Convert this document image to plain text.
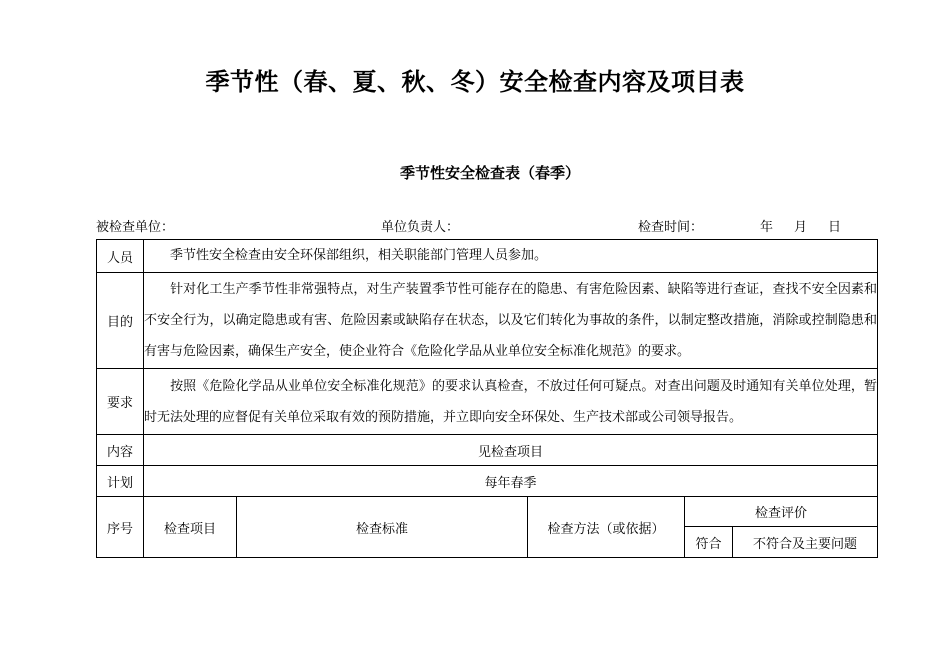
季节性（春、夏、秋、冬）安全检查内容及项目表
季节性安全检查表（春季）
被检查单位：	单位负责人：	检查时间：	年 月 日
人员	季节性安全检查由安全环保部组织，相关职能部门管理人员参加。				
目的	针对化工生产季节性非常强特点，对生产装置季节性可能存在的隐患、有害危险因素、缺陷等进行查证，查找不安全因素和不安全行为，以确定隐患或有害、危险因素或缺陷存在状态，以及它们转化为事故的条件，以制定整改措施，消除或控制隐患和有害与危险因素，确保生产安全，使企业符合《危险化学品从业单位安全标准化规范》的要求。				
要求	按照《危险化学品从业单位安全标准化规范》的要求认真检查，不放过任何可疑点。对查出问题及时通知有关单位处理，暂时无法处理的应督促有关单位采取有效的预防措施，并立即向安全环保处、生产技术部或公司领导报告。				
内容	见检查项目				
计划	每年春季				
序号	检查项目	检查标准	检查方法（或依据）	检查评价	
				符合	不符合及主要问题
